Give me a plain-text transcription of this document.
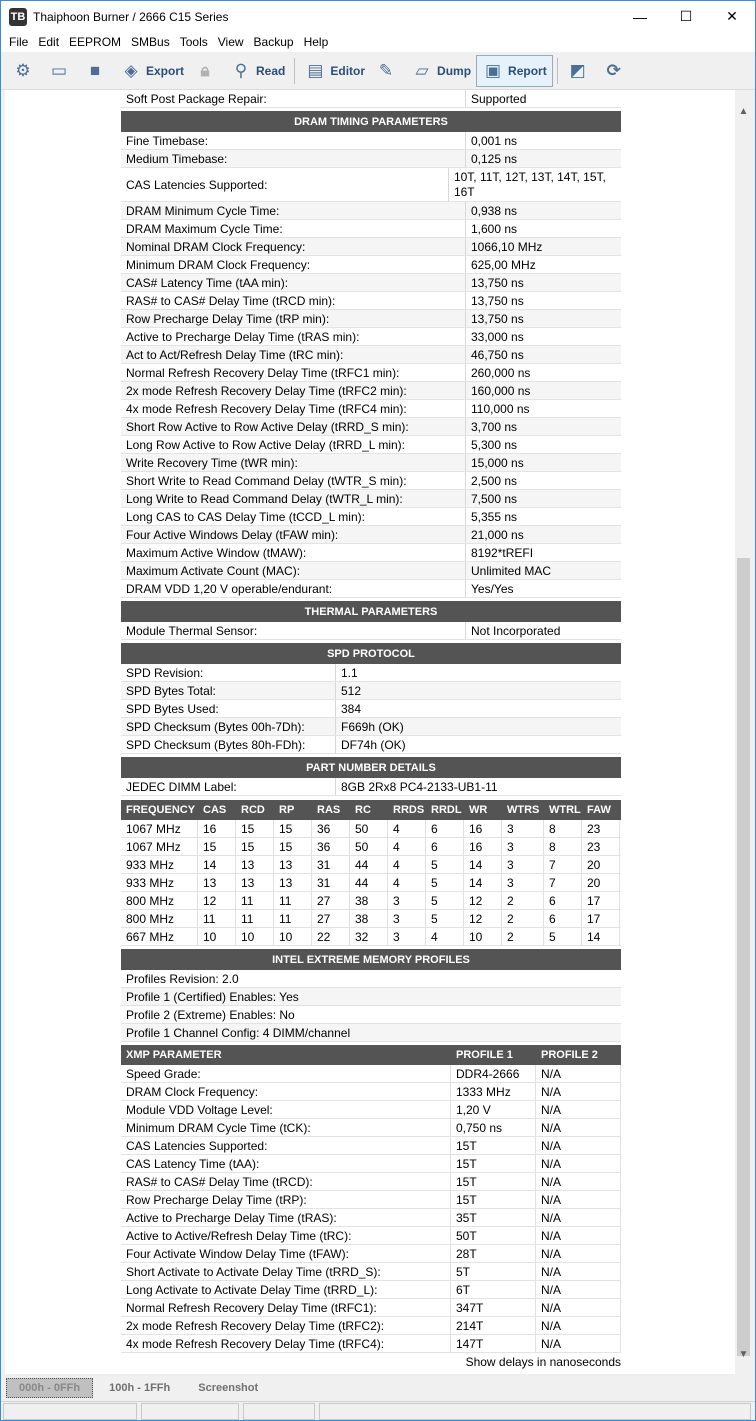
TB Thaiphoon Burner / 2666 C15 Series	—	☐	✕
File Edit EEPROM SMBus Tools View Backup Help
⚙ ▭	■	◈ Export 🔒︎	⚲ Read ▤ Editor ✎ ▱ Dump ▣ Report ◩ ⟳
Soft Post Package Repair:	Supported
DRAM TIMING PARAMETERS
Fine Timebase:	0,001 ns
Medium Timebase:	0,125 ns
CAS Latencies Supported:
10T, 11T, 12T, 13T, 14T, 15T, 16T
DRAM Minimum Cycle Time:	0,938 ns
DRAM Maximum Cycle Time:	1,600 ns
Nominal DRAM Clock Frequency:	1066,10 MHz
Minimum DRAM Clock Frequency:	625,00 MHz
CAS# Latency Time (tAA min):	13,750 ns
RAS# to CAS# Delay Time (tRCD min):	13,750 ns
Row Precharge Delay Time (tRP min):	13,750 ns
Active to Precharge Delay Time (tRAS min):	33,000 ns
Act to Act/Refresh Delay Time (tRC min):	46,750 ns
Normal Refresh Recovery Delay Time (tRFC1 min):	260,000 ns
2x mode Refresh Recovery Delay Time (tRFC2 min):	160,000 ns
4x mode Refresh Recovery Delay Time (tRFC4 min):	110,000 ns
Short Row Active to Row Active Delay (tRRD_S min):	3,700 ns
Long Row Active to Row Active Delay (tRRD_L min):	5,300 ns
Write Recovery Time (tWR min):	15,000 ns
Short Write to Read Command Delay (tWTR_S min):	2,500 ns
Long Write to Read Command Delay (tWTR_L min):	7,500 ns
Long CAS to CAS Delay Time (tCCD_L min):	5,355 ns
Four Active Windows Delay (tFAW min):	21,000 ns
Maximum Active Window (tMAW):	8192*tREFI
Maximum Activate Count (MAC):	Unlimited MAC
DRAM VDD 1,20 V operable/endurant:	Yes/Yes
THERMAL PARAMETERS
Module Thermal Sensor:	Not Incorporated
SPD PROTOCOL
SPD Revision:	1.1
SPD Bytes Total:	512
SPD Bytes Used:	384
SPD Checksum (Bytes 00h-7Dh):	F669h (OK)
SPD Checksum (Bytes 80h-FDh):	DF74h (OK)
PART NUMBER DETAILS
JEDEC DIMM Label:	8GB 2Rx8 PC4-2133-UB1-11
FREQUENCY CAS	RCD	RP	RAS	RC	RRDS RRDL WR	WTRS WTRL FAW
1067 MHz	16	15	15	36	50	4	6	16	3	8	23
1067 MHz	15	15	15	36	50	4	6	16	3	8	23
933 MHz	14	13	13	31	44	4	5	14	3	7	20
933 MHz	13	13	13	31	44	4	5	14	3	7	20
800 MHz	12	11	11	27	38	3	5	12	2	6	17
800 MHz	11	11	11	27	38	3	5	12	2	6	17
667 MHz	10	10	10	22	32	3	4	10	2	5	14
INTEL EXTREME MEMORY PROFILES
Profiles Revision: 2.0
Profile 1 (Certified) Enables: Yes
Profile 2 (Extreme) Enables: No
Profile 1 Channel Config: 4 DIMM/channel
XMP PARAMETER	PROFILE 1	PROFILE 2
Speed Grade:	DDR4-2666	N/A
DRAM Clock Frequency:	1333 MHz	N/A
Module VDD Voltage Level:	1,20 V	N/A
Minimum DRAM Cycle Time (tCK):	0,750 ns	N/A
CAS Latencies Supported:	15T	N/A
CAS Latency Time (tAA):	15T	N/A
RAS# to CAS# Delay Time (tRCD):	15T	N/A
Row Precharge Delay Time (tRP):	15T	N/A
Active to Precharge Delay Time (tRAS):	35T	N/A
Active to Active/Refresh Delay Time (tRC):	50T	N/A
Four Activate Window Delay Time (tFAW):	28T	N/A
Short Activate to Activate Delay Time (tRRD_S):	5T	N/A
Long Activate to Activate Delay Time (tRRD_L):	6T	N/A
Normal Refresh Recovery Delay Time (tRFC1):	347T	N/A
2x mode Refresh Recovery Delay Time (tRFC2):	214T	N/A
4x mode Refresh Recovery Delay Time (tRFC4):	147T	N/A
Show delays in nanoseconds
▲
▼
000h - 0FFh	100h - 1FFh	Screenshot
